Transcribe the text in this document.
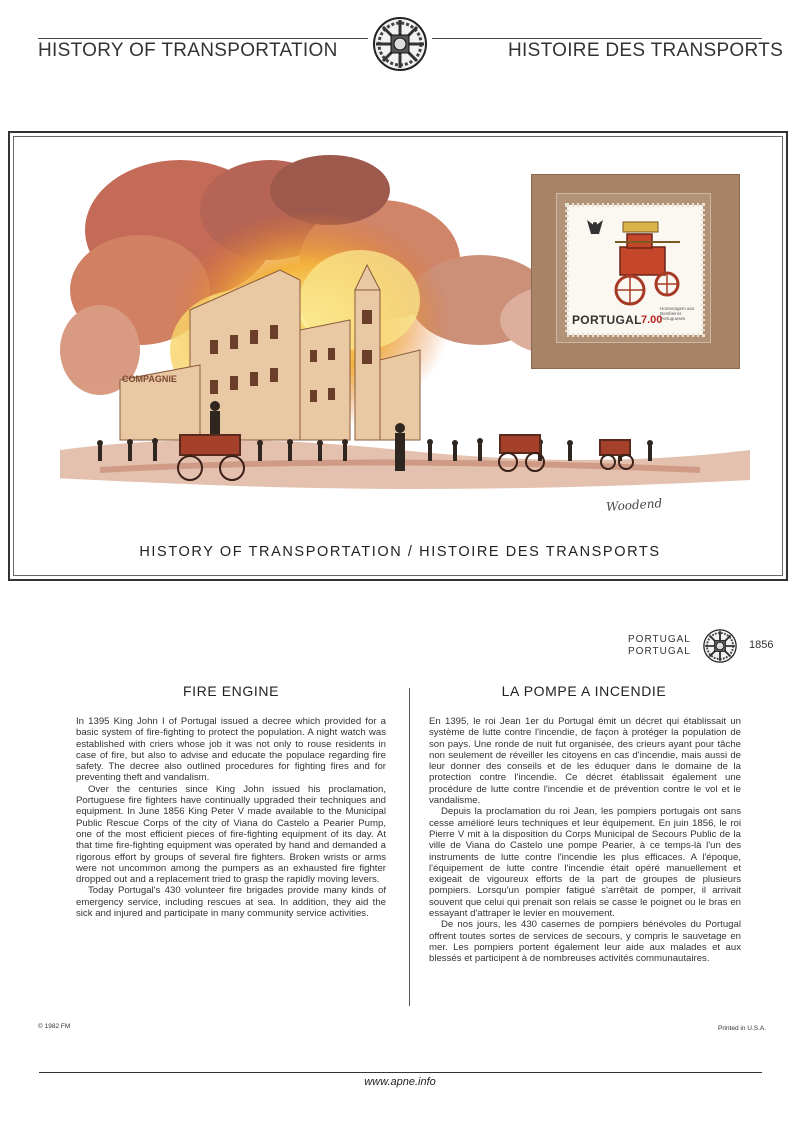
HISTORY OF TRANSPORTATION	HISTOIRE DES TRANSPORTS
COMPAGNIE
Woodend
PORTUGAL
Homenagem aos Bombeiros Portugueses
7.00
HISTORY OF TRANSPORTATION / HISTOIRE DES TRANSPORTS
PORTUGAL
PORTUGAL
1856
FIRE ENGINE

In 1395 King John I of Portugal issued a decree which provided for a basic system of fire-fighting to protect the population. A night watch was established with criers whose job it was not only to rouse residents in case of fire, but also to advise and educate the populace regarding fire safety. The decree also outlined procedures for fighting fires and for preventing theft and vandalism.

Over the centuries since King John issued his proclamation, Portuguese fire fighters have continually upgraded their techniques and equipment. In June 1856 King Peter V made available to the Municipal Public Rescue Corps of the city of Viana do Castelo a Pearier Pump, one of the most efficient pieces of fire-fighting equipment of its day. At that time fire-fighting equipment was operated by hand and demanded a rigorous effort by groups of several fire fighters. Broken wrists or arms were not uncommon among the pumpers as an exhausted fire fighter dropped out and a replacement tried to grasp the rapidly moving levers.

Today Portugal's 430 volunteer fire brigades provide many kinds of emergency service, including rescues at sea. In addition, they aid the sick and injured and participate in many community service activities.

LA POMPE A INCENDIE

En 1395, le roi Jean 1er du Portugal émit un décret qui établissait un système de lutte contre l'incendie, de façon à protéger la population de son pays. Une ronde de nuit fut organisée, des crieurs ayant pour tâche non seulement de réveiller les citoyens en cas d'incendie, mais aussi de leur donner des conseils et de les éduquer dans le domaine de la protection contre l'incendie. Ce décret établissait également une procédure de lutte contre l'incendie et de prévention contre le vol et le vandalisme.

Depuis la proclamation du roi Jean, les pompiers portugais ont sans cesse amélioré leurs techniques et leur équipement. En juin 1856, le roi Pierre V mit à la disposition du Corps Municipal de Secours Public de la ville de Viana do Castelo une pompe Pearier, à ce temps-là l'un des instruments de lutte contre l'incendie les plus efficaces. A l'époque, l'équipement de lutte contre l'incendie était opéré manuellement et exigeait de vigoureux efforts de la part de groupes de plusieurs pompiers. Lorsqu'un pompier fatigué s'arrêtait de pomper, il arrivait souvent que celui qui prenait son relais se casse le poignet ou le bras en essayant d'attraper le levier en mouvement.

De nos jours, les 430 casernes de pompiers bénévoles du Portugal offrent toutes sortes de services de secours, y compris le sauvetage en mer. Les pompiers portent également leur aide aux malades et aux blessés et participent à de nombreuses activités communautaires.

© 1982 FM	Printed in U.S.A.
www.apne.info
